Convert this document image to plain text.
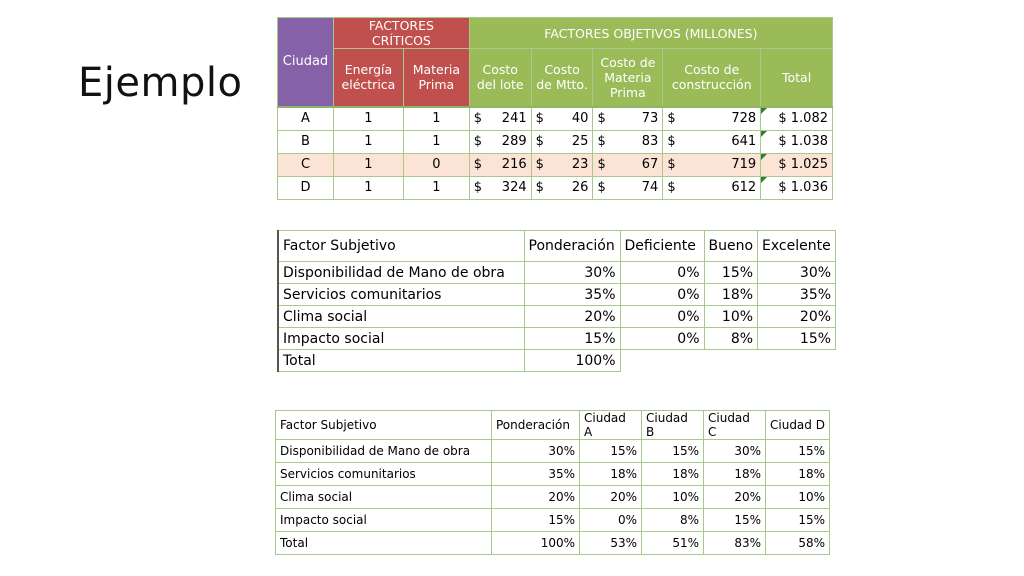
Ejemplo	Ciudad	FACTORES CRÍTICOS		FACTORES OBJETIVOS (MILLONES)				
	Energía eléctrica	Materia Prima	Costo del lote	Costo de Mtto.	Costo de Materia Prima	Costo de construcción	Total
A	1	1	$ 241	$ 40	$ 73	$ 728	$ 1.082
B	1	1	$ 289	$ 25	$ 83	$ 641	$ 1.038
C	1	0	$ 216	$ 23	$ 67	$ 719	$ 1.025
D	1	1	$ 324	$ 26	$ 74	$ 612	$ 1.036
Factor Subjetivo	Ponderación	Deficiente	Bueno	Excelente
Disponibilidad de Mano de obra	30%	0%	15%	30%
Servicios comunitarios	35%	0%	18%	35%
Clima social	20%	0%	10%	20%
Impacto social	15%	0%	8%	15%
Total	100%			
Factor Subjetivo	Ponderación	Ciudad A	Ciudad B	Ciudad C	Ciudad D
Disponibilidad de Mano de obra	30%	15%	15%	30%	15%
Servicios comunitarios	35%	18%	18%	18%	18%
Clima social	20%	20%	10%	20%	10%
Impacto social	15%	0%	8%	15%	15%
Total	100%	53%	51%	83%	58%
